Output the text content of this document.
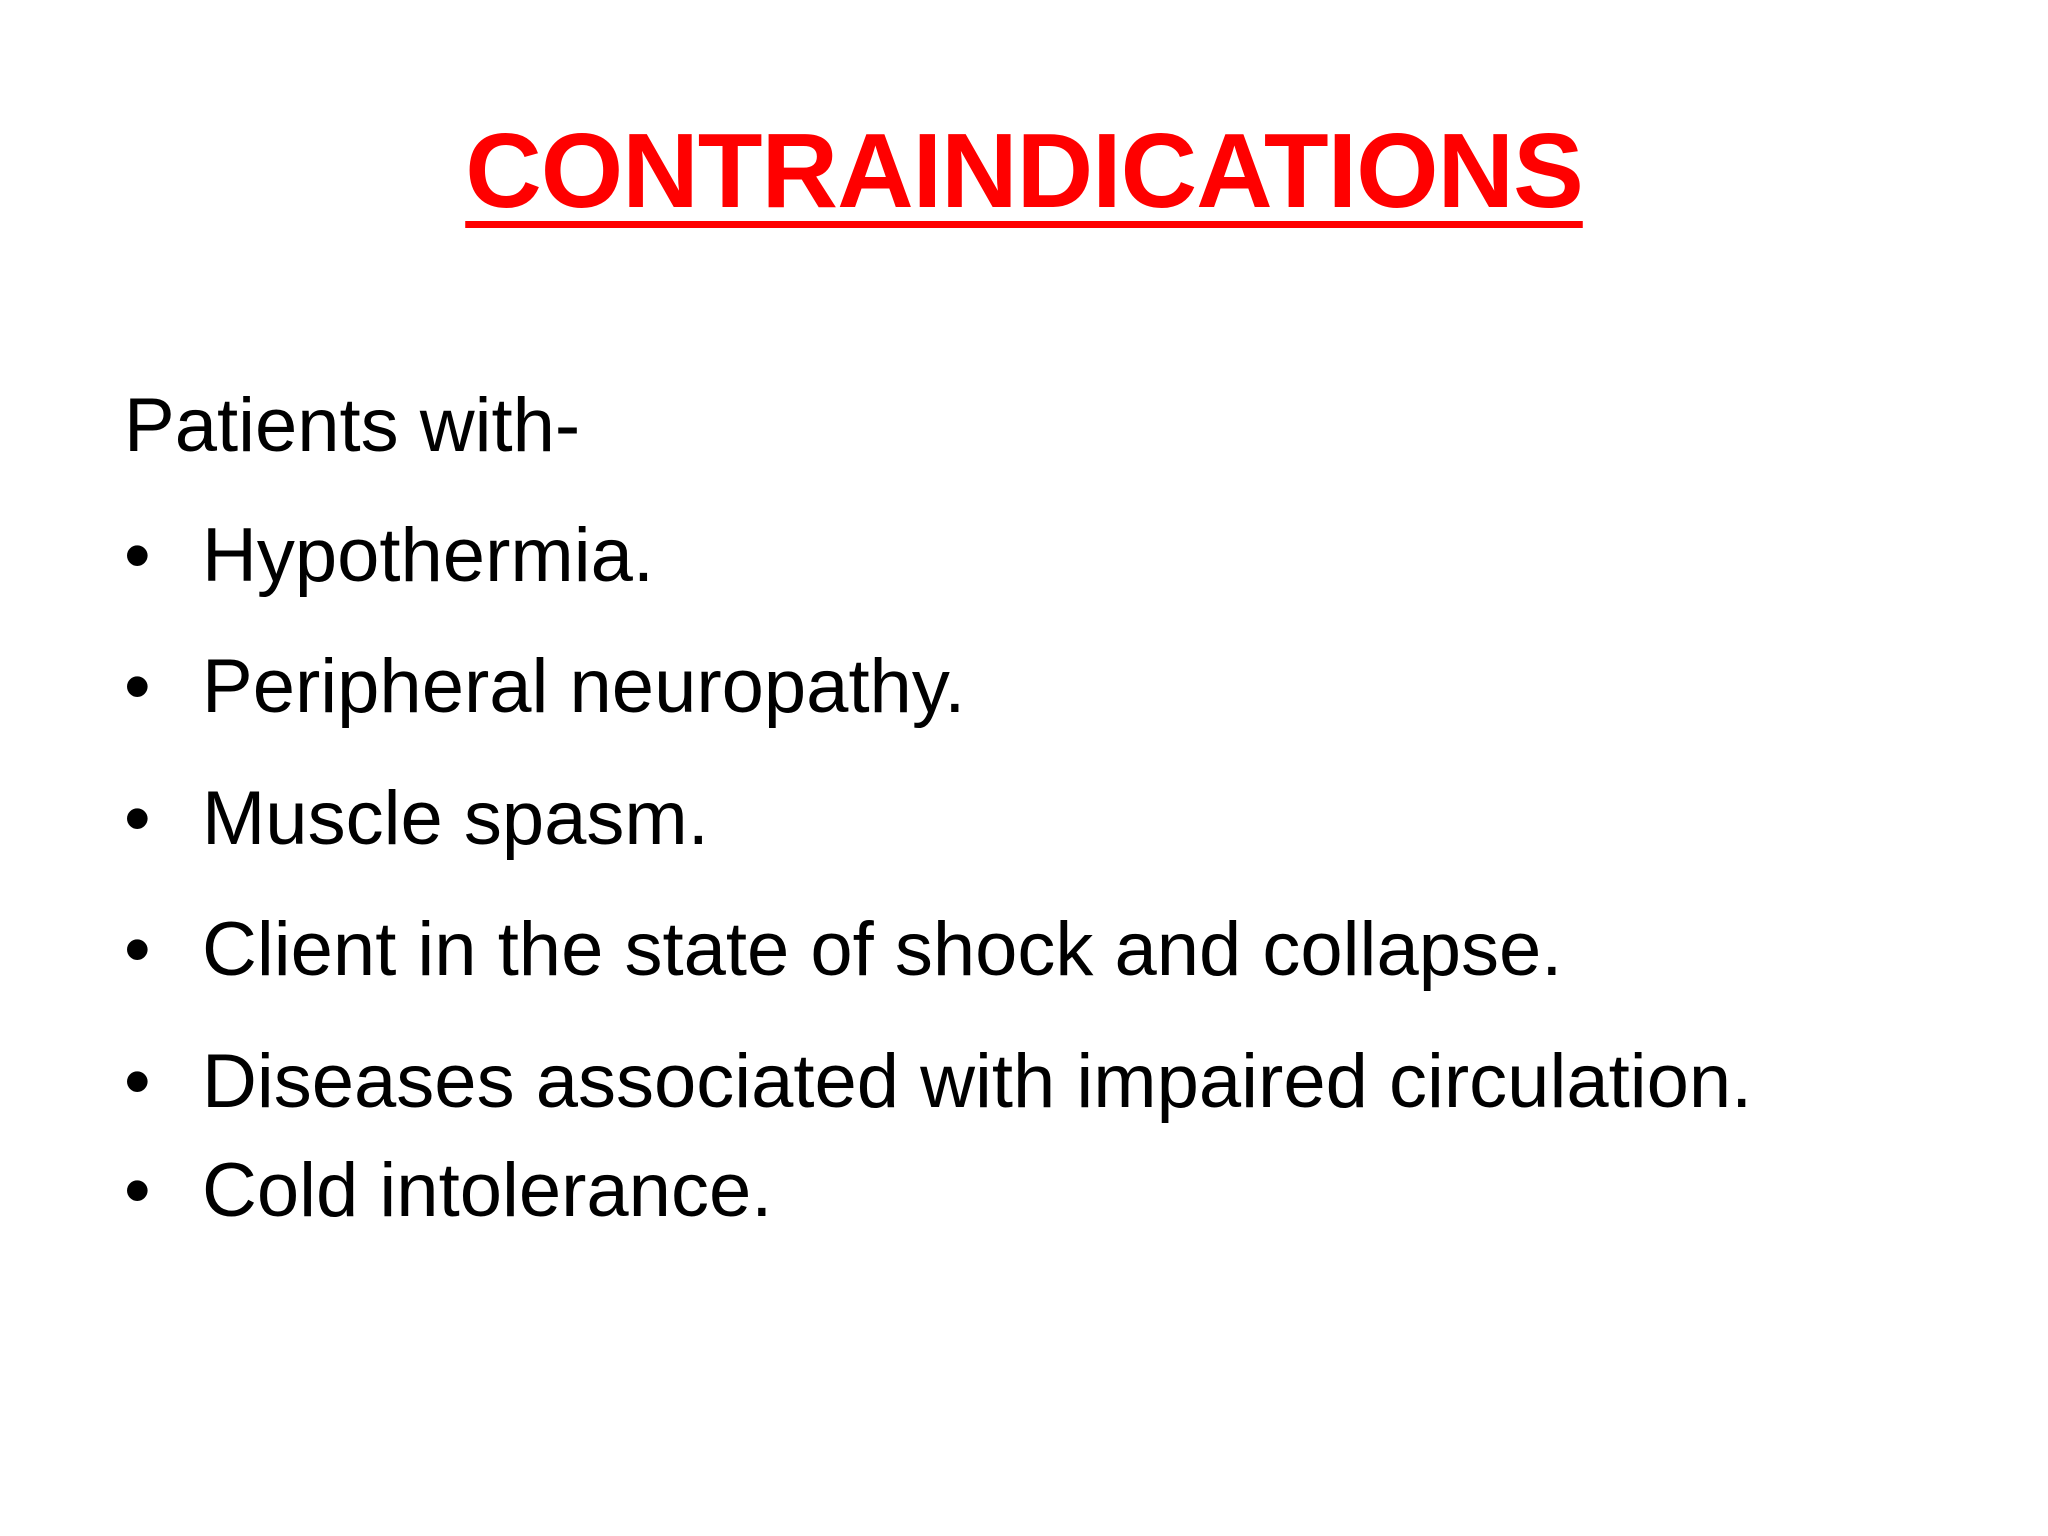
CONTRAINDICATIONS

Patients with-

• Hypothermia.
• Peripheral neuropathy.
• Muscle spasm.
• Client in the state of shock and collapse.
• Diseases associated with impaired circulation.
• Cold intolerance.
